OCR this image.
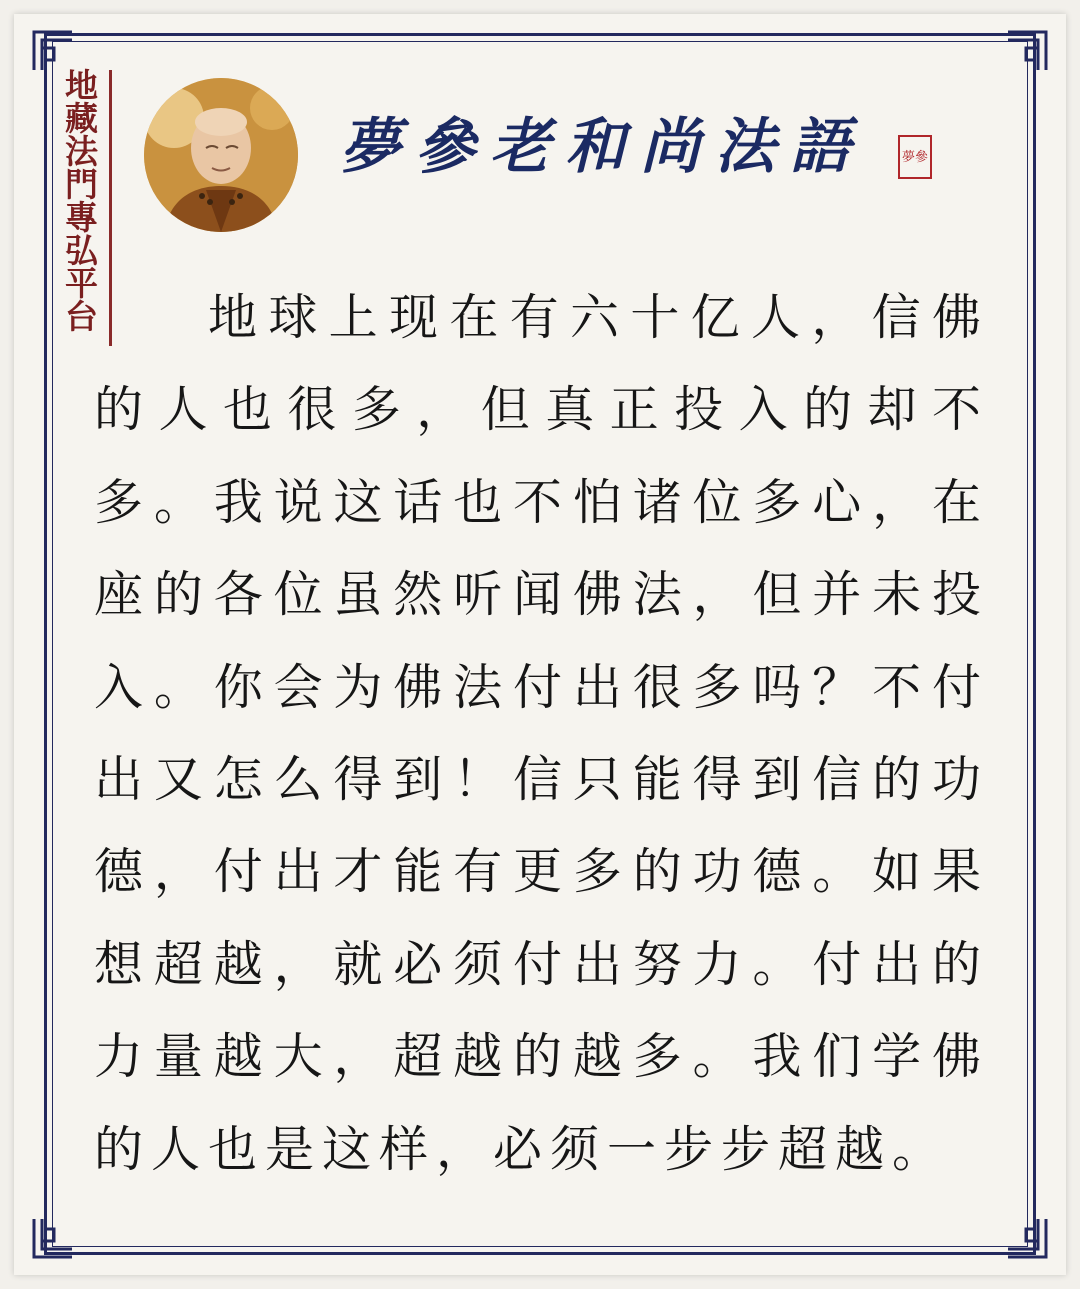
地藏法門專弘平台	夢參老和尚法語	夢參

地球上现在有六十亿人，信佛的人也很多，但真正投入的却不多。我说这话也不怕诸位多心，在座的各位虽然听闻佛法，但并未投入。你会为佛法付出很多吗？不付出又怎么得到！信只能得到信的功德，付出才能有更多的功德。如果想超越，就必须付出努力。付出的力量越大，超越的越多。我们学佛的人也是这样，必须一步步超越。
